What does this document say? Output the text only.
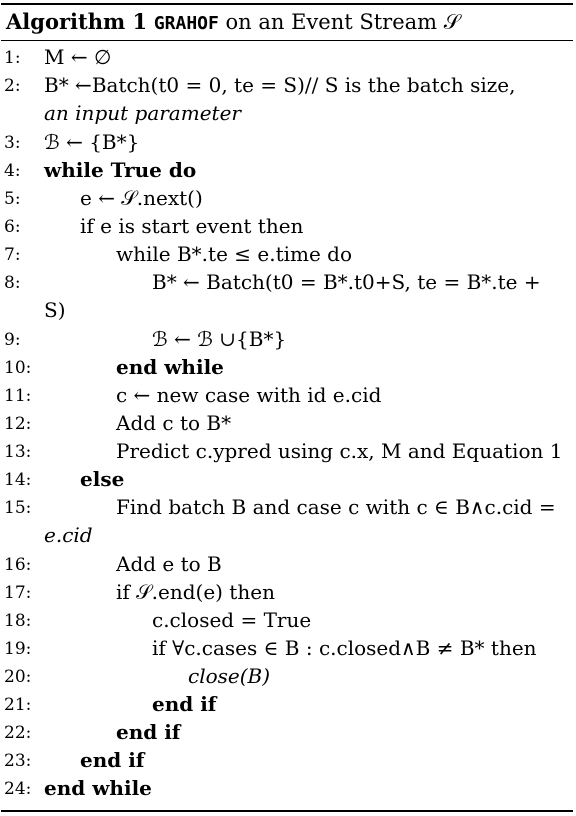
Algorithm 1 GRAHOF on an Event Stream 𝒮
1: M ← ∅
2: B* ←Batch(t0 = 0, te = S)// S is the batch size,
an input parameter
3: ℬ ← {B*}
4: while True do
5:	e ← 𝒮.next()
6:	if e is start event then
7:	while B*.te ≤ e.time do
8:	B* ← Batch(t0 = B*.t0+S, te = B*.te +
S)
9:	ℬ ← ℬ ∪{B*}
10:	end while
11:	c ← new case with id e.cid
12:	Add c to B*
13:	Predict c.ypred using c.x, M and Equation 1
14: else
15:	Find batch B and case c with c ∈ B∧c.cid =
e.cid
16:	Add e to B
17:	if 𝒮.end(e) then
18:	c.closed = True
19:	if ∀c.cases ∈ B : c.closed∧B ≠ B* then
20:	close(B)
21:	end if
22:	end if
23: end if
24: end while
